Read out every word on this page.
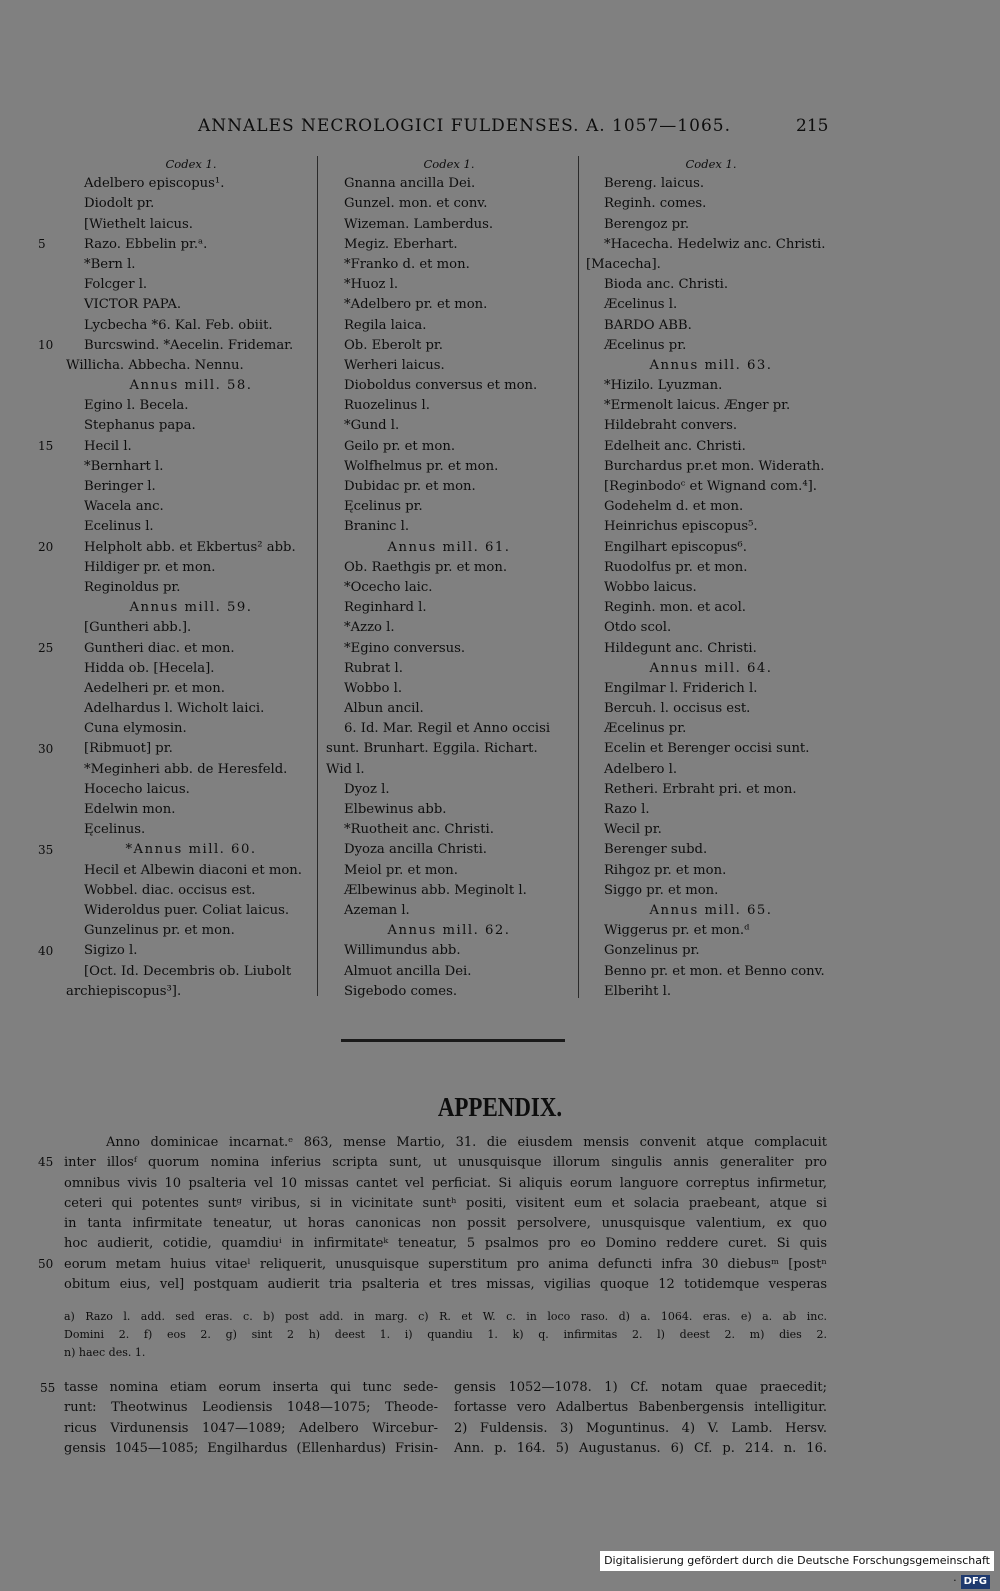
ANNALES NECROLOGICI FULDENSES. A. 1057—1065.	215
Codex 1.
Adelbero episcopus¹.
Diodolt pr.
[Wiethelt laicus.
Razo. Ebbelin pr.ᵃ.
*Bern l.
Folcger l.
VICTOR PAPA.
Lycbecha *6. Kal. Feb. obiit.
Burcswind. *Aecelin. Fridemar.
Willicha. Abbecha. Nennu.
Annus mill. 58.
Egino l. Becela.
Stephanus papa.
Hecil l.
*Bernhart l.
Beringer l.
Wacela anc.
Ecelinus l.
Helpholt abb. et Ekbertus² abb.
Hildiger pr. et mon.
Reginoldus pr.
Annus mill. 59.
[Guntheri abb.].
Guntheri diac. et mon.
Hidda ob. [Hecela].
Aedelheri pr. et mon.
Adelhardus l. Wicholt laici.
Cuna elymosin.
[Ribmuot] pr.
*Meginheri abb. de Heresfeld.
Hocecho laicus.
Edelwin mon.
Ęcelinus.
*Annus mill. 60.
Hecil et Albewin diaconi et mon.
Wobbel. diac. occisus est.
Wideroldus puer. Coliat laicus.
Gunzelinus pr. et mon.
Sigizo l.
[Oct. Id. Decembris ob. Liubolt
archiepiscopus³].
Codex 1.
Gnanna ancilla Dei.
Gunzel. mon. et conv.
Wizeman. Lamberdus.
Megiz. Eberhart.
*Franko d. et mon.
*Huoz l.
*Adelbero pr. et mon.
Regila laica.
Ob. Eberolt pr.
Werheri laicus.
Dioboldus conversus et mon.
Ruozelinus l.
*Gund l.
Geilo pr. et mon.
Wolfhelmus pr. et mon.
Dubidac pr. et mon.
Ęcelinus pr.
Braninc l.
Annus mill. 61.
Ob. Raethgis pr. et mon.
*Ocecho laic.
Reginhard l.
*Azzo l.
*Egino conversus.
Rubrat l.
Wobbo l.
Albun ancil.
6. Id. Mar. Regil et Anno occisi
sunt. Brunhart. Eggila. Richart.
Wid l.
Dyoz l.
Elbewinus abb.
*Ruotheit anc. Christi.
Dyoza ancilla Christi.
Meiol pr. et mon.
Ælbewinus abb. Meginolt l.
Azeman l.
Annus mill. 62.
Willimundus abb.
Almuot ancilla Dei.
Sigebodo comes.
Codex 1.
Bereng. laicus.
Reginh. comes.
Berengoz pr.
*Hacecha. Hedelwiz anc. Christi.
[Macecha].
Bioda anc. Christi.
Æcelinus l.
BARDO ABB.
Æcelinus pr.
Annus mill. 63.
*Hizilo. Lyuzman.
*Ermenolt laicus. Ænger pr.
Hildebraht convers.
Edelheit anc. Christi.
Burchardus pr.et mon. Widerath.
[Reginbodoᶜ et Wignand com.⁴].
Godehelm d. et mon.
Heinrichus episcopus⁵.
Engilhart episcopus⁶.
Ruodolfus pr. et mon.
Wobbo laicus.
Reginh. mon. et acol.
Otdo scol.
Hildegunt anc. Christi.
Annus mill. 64.
Engilmar l. Friderich l.
Bercuh. l. occisus est.
Æcelinus pr.
Ecelin et Berenger occisi sunt.
Adelbero l.
Retheri. Erbraht pri. et mon.
Razo l.
Wecil pr.
Berenger subd.
Rihgoz pr. et mon.
Siggo pr. et mon.
Annus mill. 65.
Wiggerus pr. et mon.ᵈ
Gonzelinus pr.
Benno pr. et mon. et Benno conv.
Elberiht l.
5
10
15
20
25
30
35
40
APPENDIX.
Anno dominicae incarnat.ᵉ 863, mense Martio, 31. die eiusdem mensis convenit atque complacuit
inter illosᶠ quorum nomina inferius scripta sunt, ut unusquisque illorum singulis annis generaliter pro
omnibus vivis 10 psalteria vel 10 missas cantet vel perficiat. Si aliquis eorum languore correptus infirmetur,
ceteri qui potentes suntᵍ viribus, si in vicinitate suntʰ positi, visitent eum et solacia praebeant, atque si
in tanta infirmitate teneatur, ut horas canonicas non possit persolvere, unusquisque valentium, ex quo
hoc audierit, cotidie, quamdiuⁱ in infirmitateᵏ teneatur, 5 psalmos pro eo Domino reddere curet. Si quis
eorum metam huius vitaeˡ reliquerit, unusquisque superstitum pro anima defuncti infra 30 diebusᵐ [postⁿ
obitum eius, vel] postquam audierit tria psalteria et tres missas, vigilias quoque 12 totidemque vesperas
45
50
a) Razo l. add. sed eras. c. b) post add. in marg. c) R. et W. c. in loco raso. d) a. 1064. eras. e) a. ab inc.
Domini 2. f) eos 2. g) sint 2 h) deest 1. i) quandiu 1. k) q. infirmitas 2. l) deest 2. m) dies 2.
n) haec des. 1.
55 tasse nomina etiam eorum inserta qui tunc sede-
runt: Theotwinus Leodiensis 1048—1075; Theode-
ricus Virdunensis 1047—1089; Adelbero Wircebur-
gensis 1045—1085; Engilhardus (Ellenhardus) Frisin-
gensis 1052—1078. 1) Cf. notam quae praecedit;
fortasse vero Adalbertus Babenbergensis intelligitur.
2) Fuldensis. 3) Moguntinus. 4) V. Lamb. Hersv.
Ann. p. 164. 5) Augustanus. 6) Cf. p. 214. n. 16.
Digitalisierung gefördert durch die Deutsche Forschungsgemeinschaft · DFG
